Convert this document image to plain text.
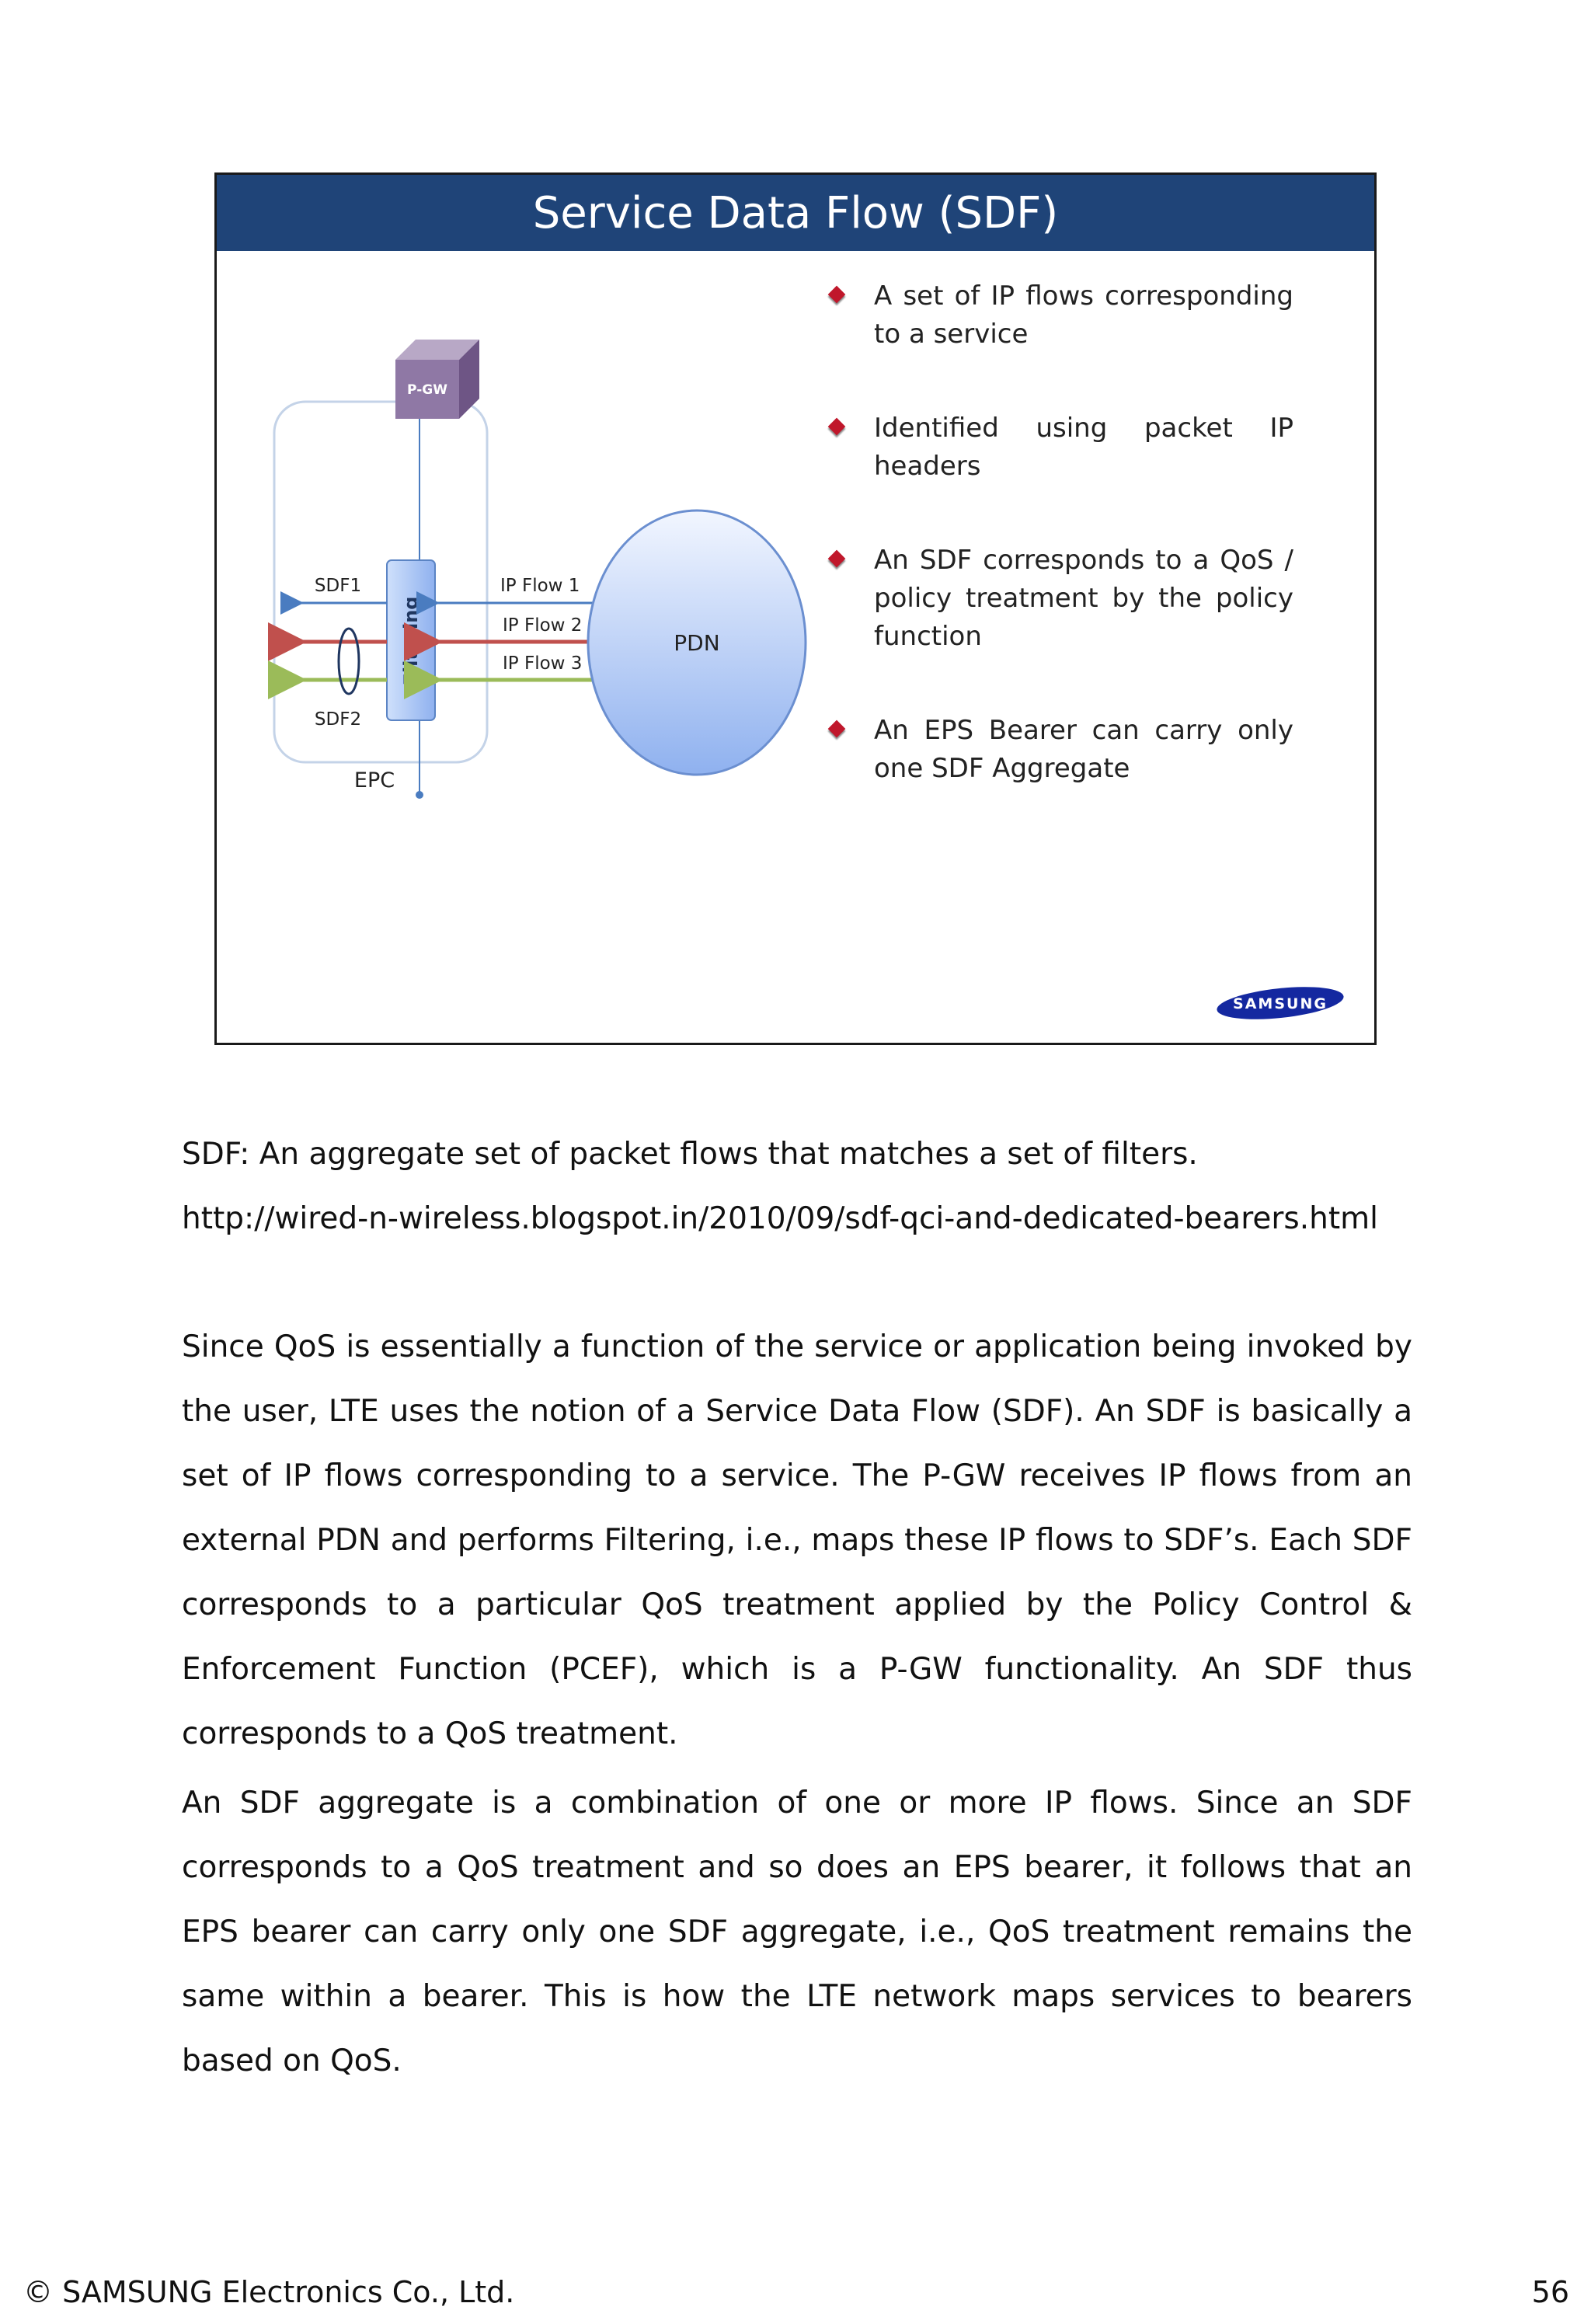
Service Data Flow (SDF)
P-GW
Filtering
SDF1
SDF2
EPC
IP Flow 1
IP Flow 2
IP Flow 3
PDN
A set of IP flows corresponding to a service
Identified using packet IP headers
An SDF corresponds to a QoS / policy treatment by the policy function
An EPS Bearer can carry only one SDF Aggregate
SAMSUNG
SDF: An aggregate set of packet flows that matches a set of filters.
http://wired-n-wireless.blogspot.in/2010/09/sdf-qci-and-dedicated-bearers.html
Since QoS is essentially a function of the service or application being invoked by the user, LTE uses the notion of a Service Data Flow (SDF). An SDF is basically a set of IP flows corresponding to a service. The P-GW receives IP flows from an external PDN and performs Filtering, i.e., maps these IP flows to SDF’s. Each SDF corresponds to a particular QoS treatment applied by the Policy Control & Enforcement Function (PCEF), which is a P-GW functionality. An SDF thus corresponds to a QoS treatment.
An SDF aggregate is a combination of one or more IP flows. Since an SDF corresponds to a QoS treatment and so does an EPS bearer, it follows that an EPS bearer can carry only one SDF aggregate, i.e., QoS treatment remains the same within a bearer. This is how the LTE network maps services to bearers based on QoS.
© SAMSUNG Electronics Co., Ltd.	56
